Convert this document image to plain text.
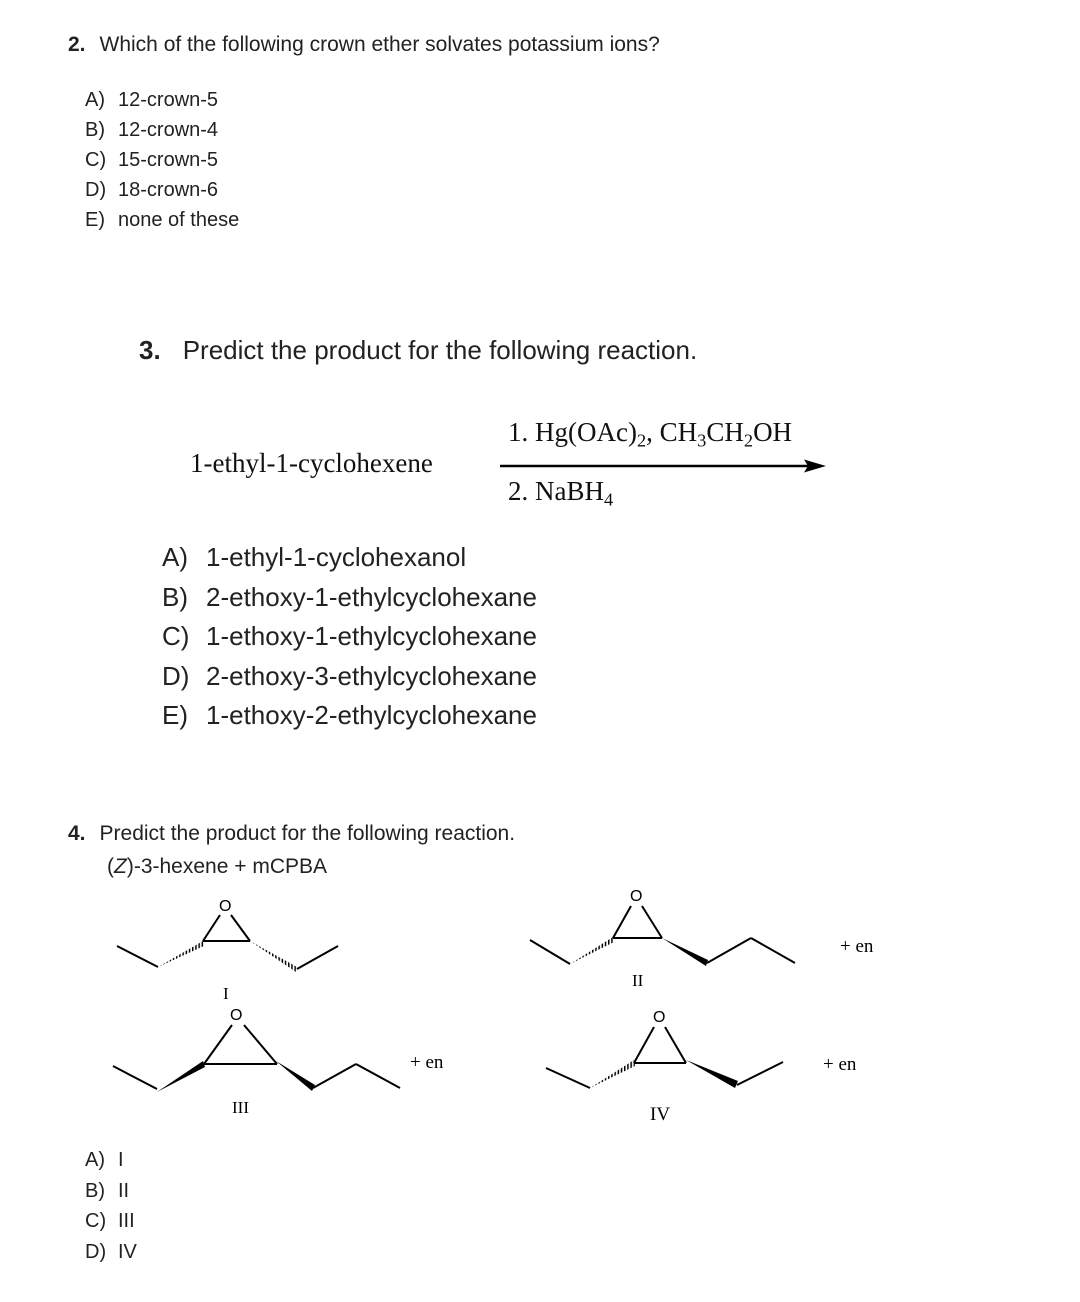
2. Which of the following crown ether solvates potassium ions?
A) 12-crown-5
B) 12-crown-4
C) 15-crown-5
D) 18-crown-6
E) none of these
3. Predict the product for the following reaction.
1-ethyl-1-cyclohexene
1. $Hg(OAc)_2$, $CH_3CH_2OH$
2. NaBH$_4$
A) 1-ethyl-1-cyclohexanol
B) 2-ethoxy-1-ethylcyclohexane
C) 1-ethoxy-1-ethylcyclohexane
D) 2-ethoxy-3-ethylcyclohexane
E) 1-ethoxy-2-ethylcyclohexane
4. Predict the product for the following reaction.
(Z)-3-hexene + mCPBA
O
I
O
II
+ en
O
III
+ en
O
IV
+ en
A) I
B) II
C) III
D) IV
